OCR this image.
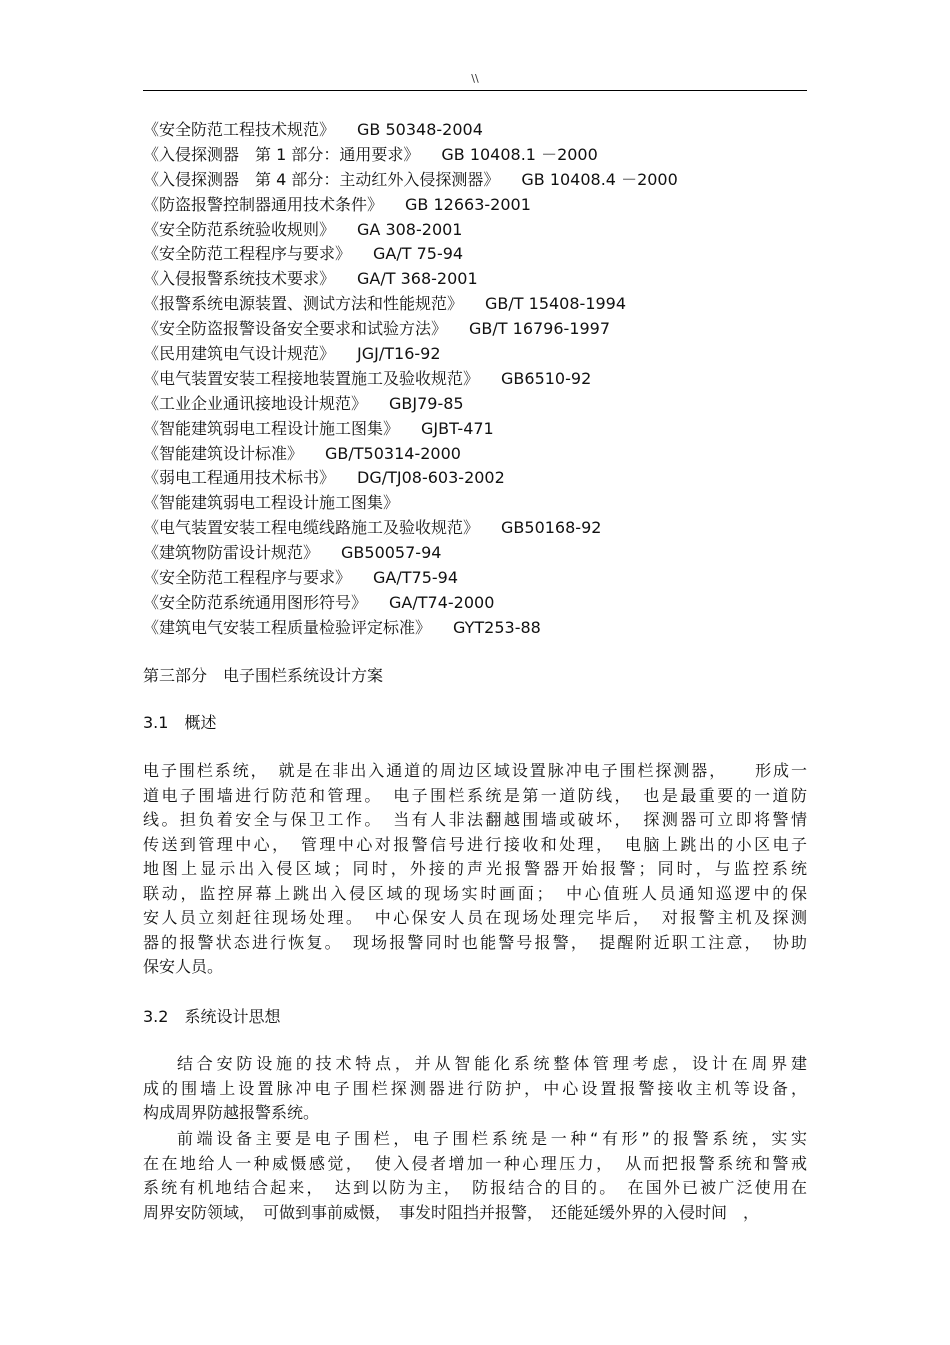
\\
《安全防范工程技术规范》 GB 50348-2004
《入侵探测器　第 1 部分：通用要求》 GB 10408.1 －2000
《入侵探测器　第 4 部分：主动红外入侵探测器》 GB 10408.4 －2000
《防盗报警控制器通用技术条件》 GB 12663-2001
《安全防范系统验收规则》 GA 308-2001
《安全防范工程程序与要求》 GA/T 75-94
《入侵报警系统技术要求》 GA/T 368-2001
《报警系统电源装置、测试方法和性能规范》 GB/T 15408-1994
《安全防盗报警设备安全要求和试验方法》 GB/T 16796-1997
《民用建筑电气设计规范》 JGJ/T16-92
《电气装置安装工程接地装置施工及验收规范》 GB6510-92
《工业企业通讯接地设计规范》 GBJ79-85
《智能建筑弱电工程设计施工图集》 GJBT-471
《智能建筑设计标准》 GB/T50314-2000
《弱电工程通用技术标书》 DG/TJ08-603-2002
《智能建筑弱电工程设计施工图集》
《电气装置安装工程电缆线路施工及验收规范》 GB50168-92
《建筑物防雷设计规范》 GB50057-94
《安全防范工程程序与要求》 GA/T75-94
《安全防范系统通用图形符号》 GA/T74-2000
《建筑电气安装工程质量检验评定标准》 GYT253-88
第三部分　电子围栏系统设计方案
3.1　概述
电子围栏系统，　就是在非出入通道的周边区域设置脉冲电子围栏探测器，　　形成一
道电子围墙进行防范和管理。　电子围栏系统是第一道防线，　也是最重要的一道防
线。担负着安全与保卫工作。　当有人非法翻越围墙或破坏，　探测器可立即将警情
传送到管理中心，　管理中心对报警信号进行接收和处理，　电脑上跳出的小区电子
地图上显示出入侵区域；同时，外接的声光报警器开始报警；同时，与监控系统
联动，监控屏幕上跳出入侵区域的现场实时画面；　中心值班人员通知巡逻中的保
安人员立刻赶往现场处理。　中心保安人员在现场处理完毕后，　对报警主机及探测
器的报警状态进行恢复。　现场报警同时也能警号报警，　提醒附近职工注意，　协助
保安人员。
3.2　系统设计思想
结合安防设施的技术特点，并从智能化系统整体管理考虑，设计在周界建
成的围墙上设置脉冲电子围栏探测器进行防护，中心设置报警接收主机等设备，
构成周界防越报警系统。
前端设备主要是电子围栏，电子围栏系统是一种“有形”的报警系统，实实
在在地给人一种威慑感觉，　使入侵者增加一种心理压力，　从而把报警系统和警戒
系统有机地结合起来，　达到以防为主，　防报结合的目的。　在国外已被广泛使用在
周界安防领域，　可做到事前威慑，　事发时阻挡并报警，　还能延缓外界的入侵时间　，
